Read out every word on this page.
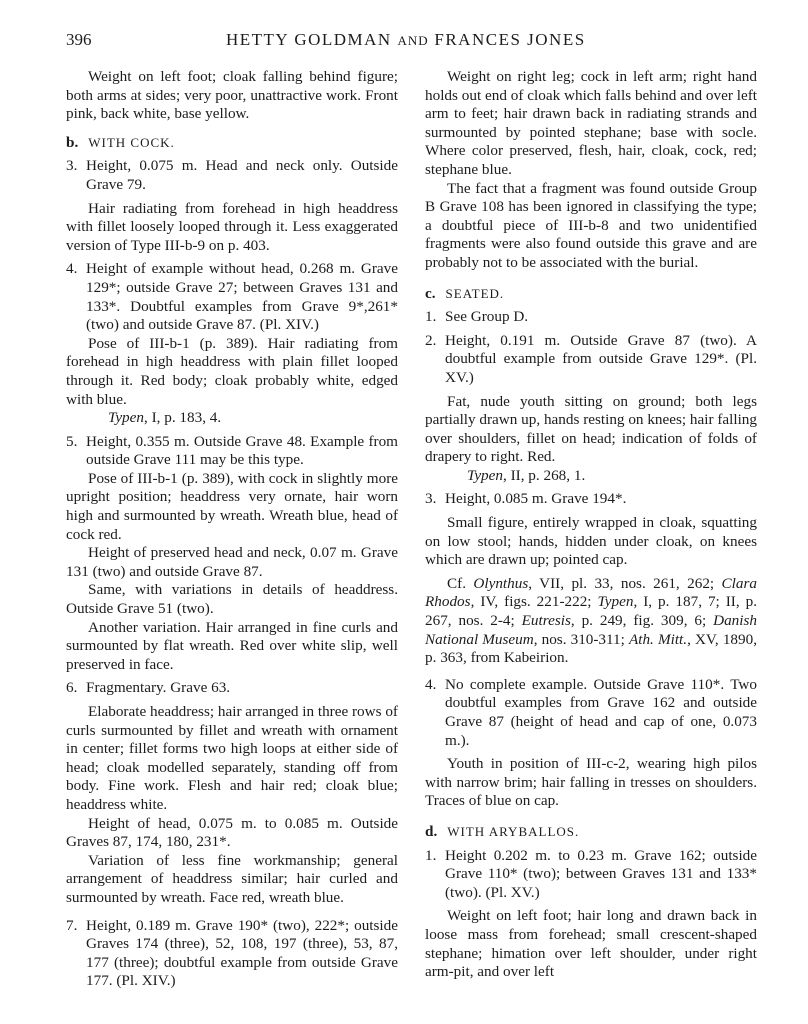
396	HETTY GOLDMAN AND FRANCES JONES

Weight on left foot; cloak falling behind figure; both arms at sides; very poor, unattractive work. Front pink, back white, base yellow.

b. WITH COCK.
3. Height, 0.075 m. Head and neck only. Outside Grave 79.

Hair radiating from forehead in high headdress with fillet loosely looped through it. Less exaggerated version of Type III-b-9 on p. 403.

4. Height of example without head, 0.268 m. Grave 129*; outside Grave 27; between Graves 131 and 133*. Doubtful examples from Grave 9*,261* (two) and outside Grave 87. (Pl. XIV.)

Pose of III-b-1 (p. 389). Hair radiating from forehead in high headdress with plain fillet looped through it. Red body; cloak probably white, edged with blue.

Typen, I, p. 183, 4.

5. Height, 0.355 m. Outside Grave 48. Example from outside Grave 111 may be this type.

Pose of III-b-1 (p. 389), with cock in slightly more upright position; headdress very ornate, hair worn high and surmounted by wreath. Wreath blue, head of cock red.

Height of preserved head and neck, 0.07 m. Grave 131 (two) and outside Grave 87.

Same, with variations in details of headdress. Outside Grave 51 (two).

Another variation. Hair arranged in fine curls and surmounted by flat wreath. Red over white slip, well preserved in face.

6. Fragmentary. Grave 63.

Elaborate headdress; hair arranged in three rows of curls surmounted by fillet and wreath with ornament in center; fillet forms two high loops at either side of head; cloak modelled separately, standing off from body. Fine work. Flesh and hair red; cloak blue; headdress white.

Height of head, 0.075 m. to 0.085 m. Outside Graves 87, 174, 180, 231*.

Variation of less fine workmanship; general arrangement of headdress similar; hair curled and surmounted by wreath. Face red, wreath blue.

7. Height, 0.189 m. Grave 190* (two), 222*; outside Graves 174 (three), 52, 108, 197 (three), 53, 87, 177 (three); doubtful example from outside Grave 177. (Pl. XIV.)

Weight on right leg; cock in left arm; right hand holds out end of cloak which falls behind and over left arm to feet; hair drawn back in radiating strands and surmounted by pointed stephane; base with socle. Where color preserved, flesh, hair, cloak, cock, red; stephane blue.

The fact that a fragment was found outside Group B Grave 108 has been ignored in classifying the type; a doubtful piece of III-b-8 and two unidentified fragments were also found outside this grave and are probably not to be associated with the burial.

c. SEATED.
1. See Group D.
2. Height, 0.191 m. Outside Grave 87 (two). A doubtful example from outside Grave 129*. (Pl. XV.)

Fat, nude youth sitting on ground; both legs partially drawn up, hands resting on knees; hair falling over shoulders, fillet on head; indication of folds of drapery to right. Red.

Typen, II, p. 268, 1.

3. Height, 0.085 m. Grave 194*.

Small figure, entirely wrapped in cloak, squatting on low stool; hands, hidden under cloak, on knees which are drawn up; pointed cap.

Cf. Olynthus, VII, pl. 33, nos. 261, 262; Clara Rhodos, IV, figs. 221-222; Typen, I, p. 187, 7; II, p. 267, nos. 2-4; Eutresis, p. 249, fig. 309, 6; Danish National Museum, nos. 310-311; Ath. Mitt., XV, 1890, p. 363, from Kabeirion.

4. No complete example. Outside Grave 110*. Two doubtful examples from Grave 162 and outside Grave 87 (height of head and cap of one, 0.073 m.).

Youth in position of III-c-2, wearing high pilos with narrow brim; hair falling in tresses on shoulders. Traces of blue on cap.

d. WITH ARYBALLOS.
1. Height 0.202 m. to 0.23 m. Grave 162; outside Grave 110* (two); between Graves 131 and 133* (two). (Pl. XV.)

Weight on left foot; hair long and drawn back in loose mass from forehead; small crescent-shaped stephane; himation over left shoulder, under right arm-pit, and over left
